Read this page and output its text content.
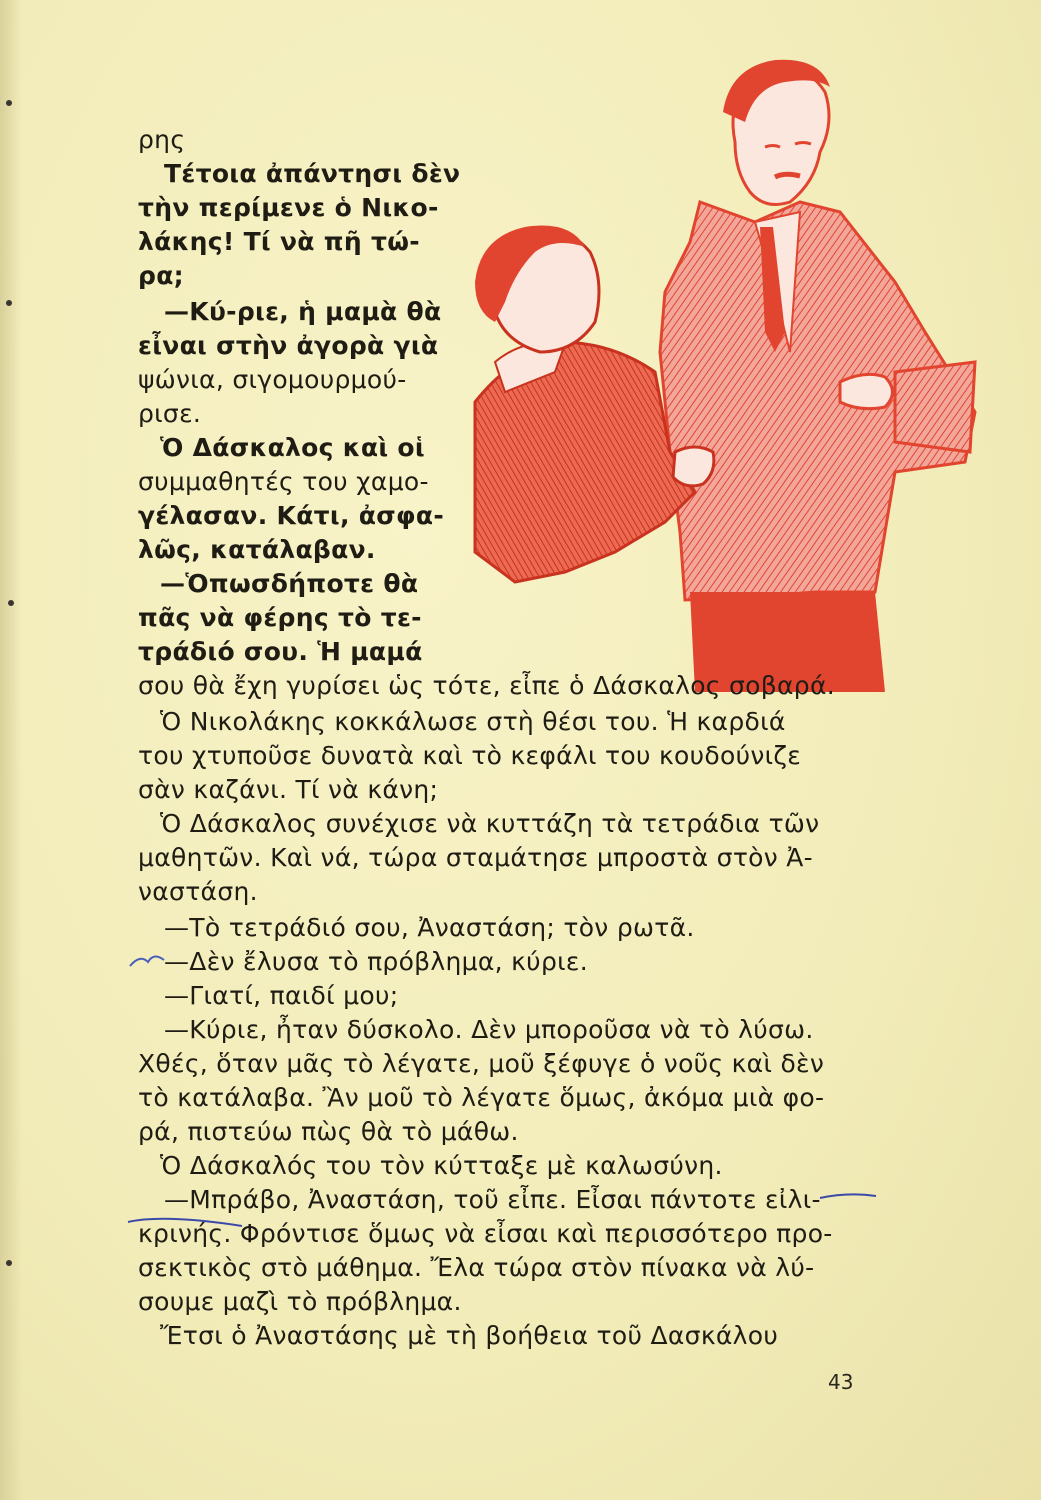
ρης
Τέτοια ἀπάντησι δὲν
τὴν περίμενε ὁ Νικο-
λάκης! Τί νὰ πῆ τώ-
ρα;
—Κύ-ριε, ἡ μαμὰ θὰ
εἶναι στὴν ἀγορὰ γιὰ
ψώνια, σιγομουρμού-
ρισε.
Ὁ Δάσκαλος καὶ οἱ
συμμαθητές του χαμο-
γέλασαν. Κάτι, ἀσφα-
λῶς, κατάλαβαν.
—Ὁπωσδήποτε θὰ
πᾶς νὰ φέρης τὸ τε-
τράδιό σου. Ἡ μαμά
σου θὰ ἔχη γυρίσει ὡς τότε, εἶπε ὁ Δάσκαλος σοβαρά.
Ὁ Νικολάκης κοκκάλωσε στὴ θέσι του. Ἡ καρδιά
του χτυποῦσε δυνατὰ καὶ τὸ κεφάλι του κουδούνιζε
σὰν καζάνι. Τί νὰ κάνη;
Ὁ Δάσκαλος συνέχισε νὰ κυττάζη τὰ τετράδια τῶν
μαθητῶν. Καὶ νά, τώρα σταμάτησε μπροστὰ στὸν Ἀ-
ναστάση.
—Τὸ τετράδιό σου, Ἀναστάση; τὸν ρωτᾶ.
—Δὲν ἔλυσα τὸ πρόβλημα, κύριε.
—Γιατί, παιδί μου;
—Κύριε, ἦταν δύσκολο. Δὲν μποροῦσα νὰ τὸ λύσω.
Χθές, ὅταν μᾶς τὸ λέγατε, μοῦ ξέφυγε ὁ νοῦς καὶ δὲν
τὸ κατάλαβα. Ἂν μοῦ τὸ λέγατε ὅμως, ἀκόμα μιὰ φο-
ρά, πιστεύω πὼς θὰ τὸ μάθω.
Ὁ Δάσκαλός του τὸν κύτταξε μὲ καλωσύνη.
—Μπράβο, Ἀναστάση, τοῦ εἶπε. Εἶσαι πάντοτε εἰλι-
κρινής. Φρόντισε ὅμως νὰ εἶσαι καὶ περισσότερο προ-
σεκτικὸς στὸ μάθημα. Ἔλα τώρα στὸν πίνακα νὰ λύ-
σουμε μαζὶ τὸ πρόβλημα.
Ἔτσι ὁ Ἀναστάσης μὲ τὴ βοήθεια τοῦ Δασκάλου
43
